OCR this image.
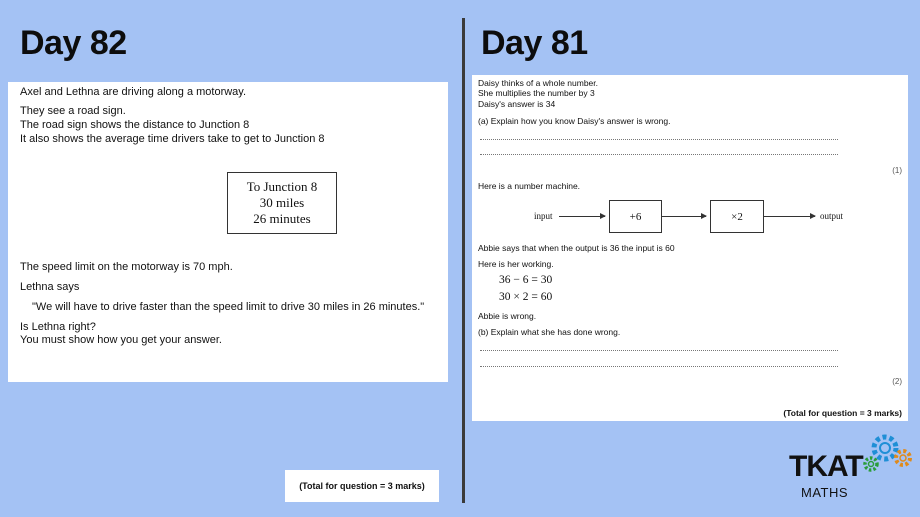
Day 82	Day 81
Axel and Lethna are driving along a motorway.
They see a road sign.
The road sign shows the distance to Junction 8
It also shows the average time drivers take to get to Junction 8
To Junction 8
30 miles
26 minutes
The speed limit on the motorway is 70 mph.
Lethna says
"We will have to drive faster than the speed limit to drive 30 miles in 26 minutes."
Is Lethna right?
You must show how you get your answer.
(Total for question = 3 marks)
Daisy thinks of a whole number.
She multiplies the number by 3
Daisy's answer is 34
(a) Explain how you know Daisy's answer is wrong.
(1)
Here is a number machine.
input	+6	×2	output
Abbie says that when the output is 36 the input is 60
Here is her working.
36 − 6 = 30
30 × 2 = 60
Abbie is wrong.
(b) Explain what she has done wrong.
(2)
(Total for question = 3 marks)
TKAT
MATHS
